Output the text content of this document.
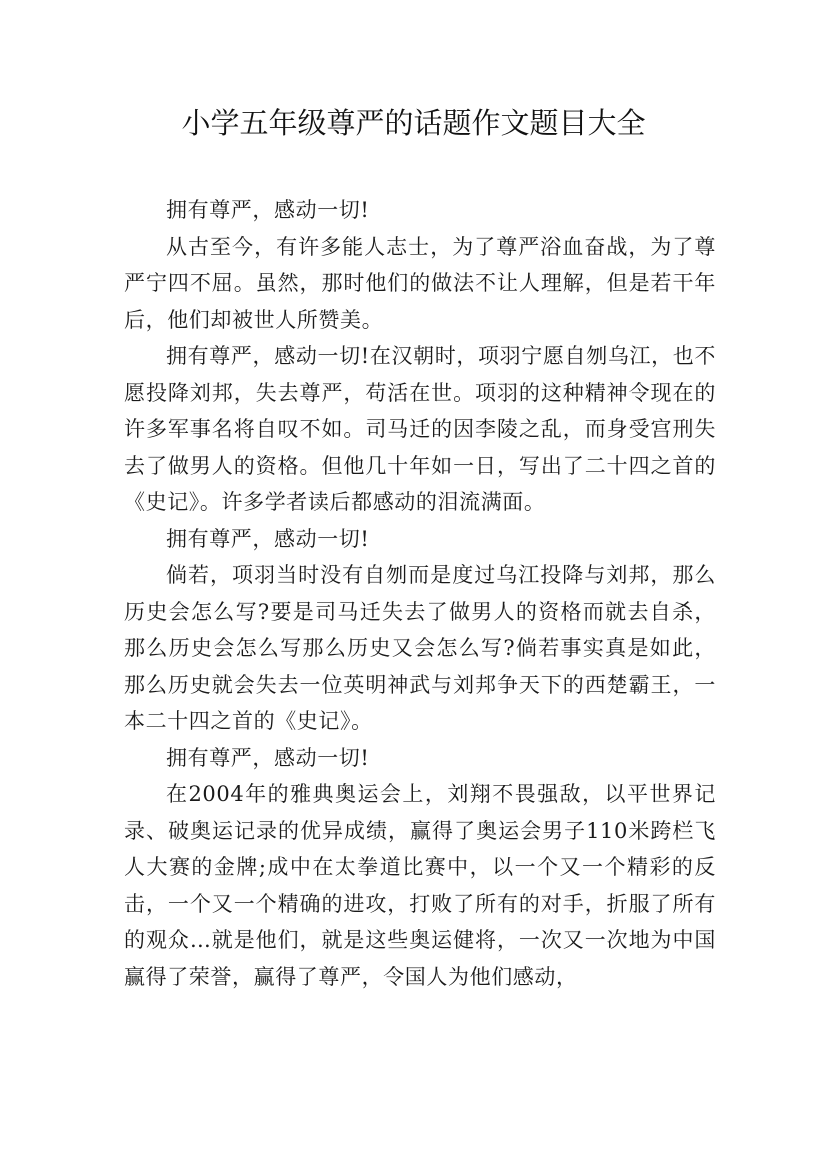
小学五年级尊严的话题作文题目大全

拥有尊严，感动一切!

从古至今，有许多能人志士，为了尊严浴血奋战，为了尊严宁四不屈。虽然，那时他们的做法不让人理解，但是若干年后，他们却被世人所赞美。

拥有尊严，感动一切!在汉朝时，项羽宁愿自刎乌江，也不愿投降刘邦，失去尊严，苟活在世。项羽的这种精神令现在的许多军事名将自叹不如。司马迁的因李陵之乱，而身受宫刑失去了做男人的资格。但他几十年如一日，写出了二十四之首的《史记》。许多学者读后都感动的泪流满面。

拥有尊严，感动一切!

倘若，项羽当时没有自刎而是度过乌江投降与刘邦，那么历史会怎么写?要是司马迁失去了做男人的资格而就去自杀，那么历史会怎么写那么历史又会怎么写?倘若事实真是如此，那么历史就会失去一位英明神武与刘邦争天下的西楚霸王，一本二十四之首的《史记》。

拥有尊严，感动一切!

在2004年的雅典奥运会上，刘翔不畏强敌，以平世界记录、破奥运记录的优异成绩，赢得了奥运会男子110米跨栏飞人大赛的金牌;成中在太拳道比赛中，以一个又一个精彩的反击，一个又一个精确的进攻，打败了所有的对手，折服了所有的观众…就是他们，就是这些奥运健将，一次又一次地为中国赢得了荣誉，赢得了尊严，令国人为他们感动，
